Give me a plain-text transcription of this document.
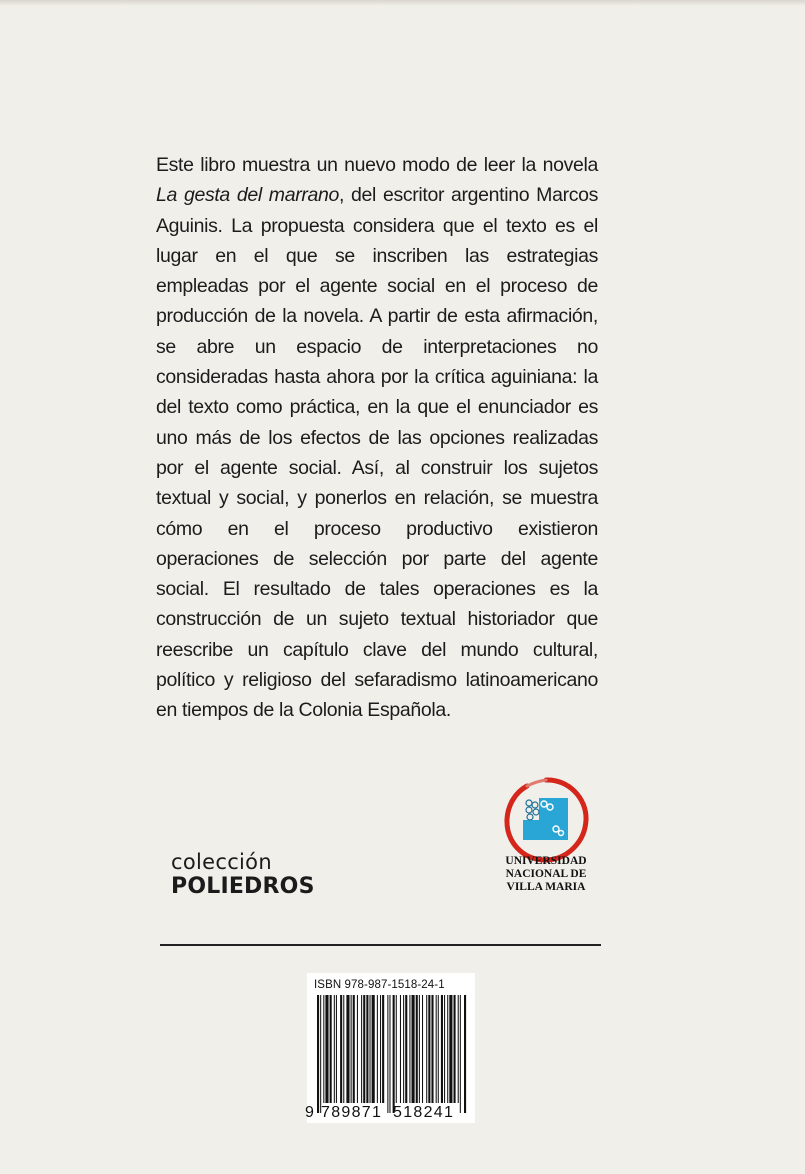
Este libro muestra un nuevo modo de leer la novela La gesta del marrano, del escritor argentino Marcos Aguinis. La propuesta considera que el texto es el lugar en el que se inscriben las estrategias empleadas por el agente social en el proceso de producción de la novela. A partir de esta afirmación, se abre un espacio de interpretaciones no consideradas hasta ahora por la crítica aguiniana: la del texto como práctica, en la que el enunciador es uno más de los efectos de las opciones realizadas por el agente social. Así, al construir los sujetos textual y social, y ponerlos en relación, se muestra cómo en el proceso productivo existieron operaciones de selección por parte del agente social. El resultado de tales operaciones es la construcción de un sujeto textual historiador que reescribe un capítulo clave del mundo cultural, político y religioso del sefaradismo latinoamericano en tiempos de la Colonia Española.

UNIVERSIDAD
NACIONAL DE
VILLA MARIA
colección
POLIEDROS
ISBN 978-987-1518-24-1
9 789871 518241
